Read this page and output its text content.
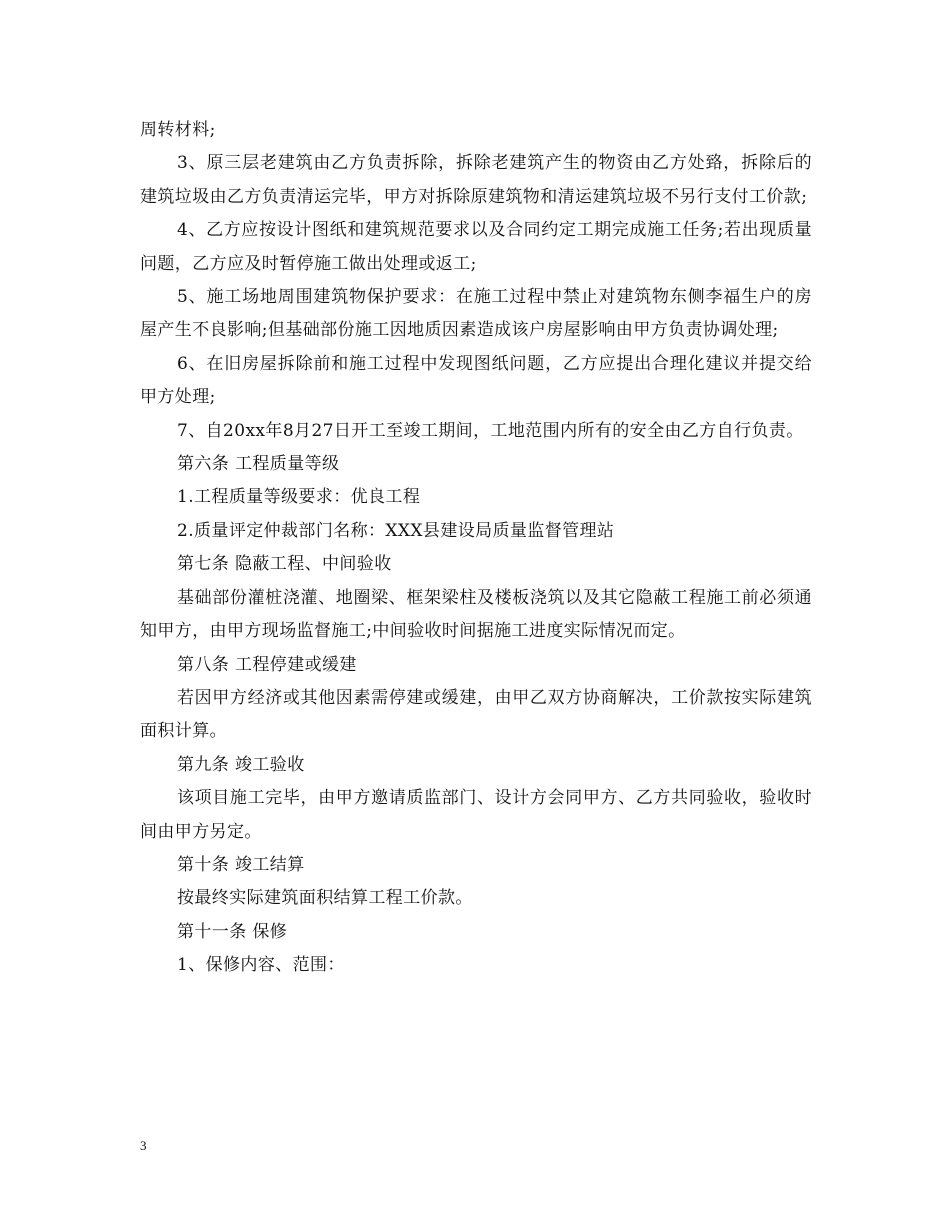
周转材料;

3、原三层老建筑由乙方负责拆除，拆除老建筑产生的物资由乙方处臵，拆除后的建筑垃圾由乙方负责清运完毕，甲方对拆除原建筑物和清运建筑垃圾不另行支付工价款;

4、乙方应按设计图纸和建筑规范要求以及合同约定工期完成施工任务;若出现质量问题，乙方应及时暂停施工做出处理或返工;

5、施工场地周围建筑物保护要求：在施工过程中禁止对建筑物东侧李福生户的房屋产生不良影响;但基础部份施工因地质因素造成该户房屋影响由甲方负责协调处理;

6、在旧房屋拆除前和施工过程中发现图纸问题，乙方应提出合理化建议并提交给甲方处理;

7、自20xx年8月27日开工至竣工期间，工地范围内所有的安全由乙方自行负责。

第六条 工程质量等级

1.工程质量等级要求：优良工程

2.质量评定仲裁部门名称：XXX县建设局质量监督管理站

第七条 隐蔽工程、中间验收

基础部份灌桩浇灌、地圈梁、框架梁柱及楼板浇筑以及其它隐蔽工程施工前必须通知甲方，由甲方现场监督施工;中间验收时间据施工进度实际情况而定。

第八条 工程停建或缓建

若因甲方经济或其他因素需停建或缓建，由甲乙双方协商解决，工价款按实际建筑面积计算。

第九条 竣工验收

该项目施工完毕，由甲方邀请质监部门、设计方会同甲方、乙方共同验收，验收时间由甲方另定。

第十条 竣工结算

按最终实际建筑面积结算工程工价款。

第十一条 保修

1、保修内容、范围：

3
